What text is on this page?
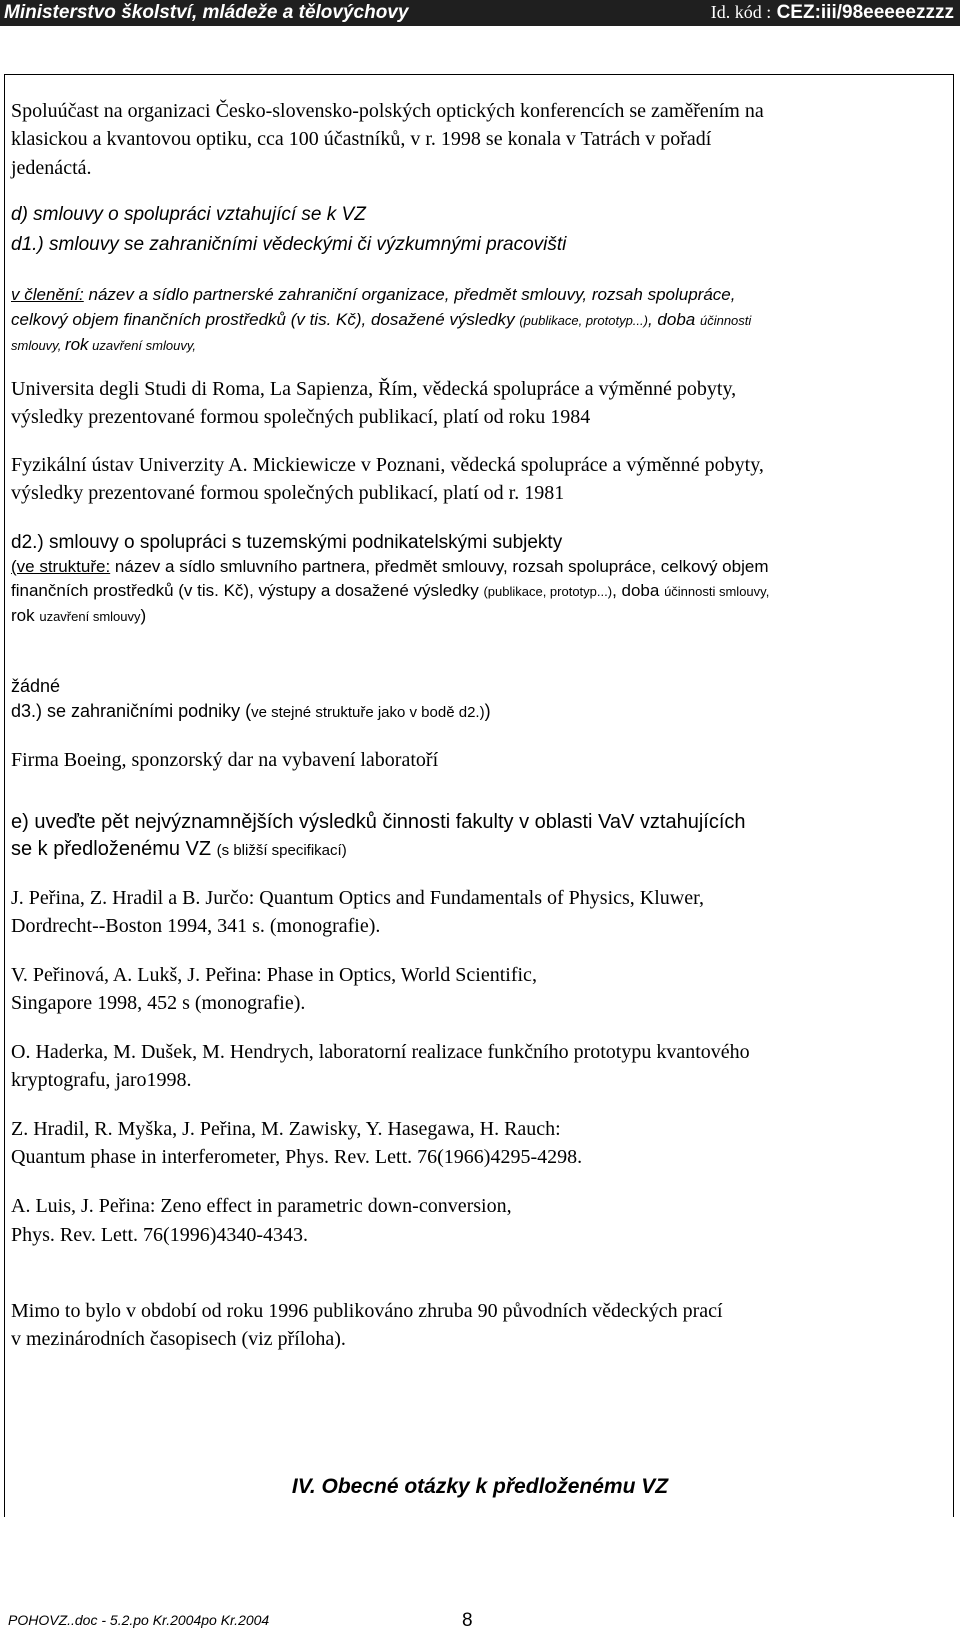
Ministerstvo školství, mládeže a tělovýchovy	Id. kód : CEZ:iii/98eeeeezzzz
Spoluúčast na organizaci Česko-slovensko-polských optických konferencích se zaměřením na
klasickou a kvantovou optiku, cca 100 účastníků, v r. 1998 se konala v Tatrách v pořadí
jedenáctá.
d) smlouvy o spolupráci vztahující se k VZ
d1.) smlouvy se zahraničními vědeckými či výzkumnými pracovišti
v členění: název a sídlo partnerské zahraniční organizace, předmět smlouvy, rozsah spolupráce,
celkový objem finančních prostředků (v tis. Kč), dosažené výsledky (publikace, prototyp...), doba účinnosti
smlouvy, rok uzavření smlouvy,
Universita degli Studi di Roma, La Sapienza, Řím, vědecká spolupráce a výměnné pobyty,
výsledky prezentované formou společných publikací, platí od roku 1984
Fyzikální ústav Univerzity A. Mickiewicze v Poznani, vědecká spolupráce a výměnné pobyty,
výsledky prezentované formou společných publikací, platí od r. 1981
d2.) smlouvy o spolupráci s tuzemskými podnikatelskými subjekty
(ve struktuře: název a sídlo smluvního partnera, předmět smlouvy, rozsah spolupráce, celkový objem
finančních prostředků (v tis. Kč), výstupy a dosažené výsledky (publikace, prototyp...), doba účinnosti smlouvy,
rok uzavření smlouvy)
žádné
d3.) se zahraničními podniky (ve stejné struktuře jako v bodě d2.))
Firma Boeing, sponzorský dar na vybavení laboratoří
e) uveďte pět nejvýznamnějších výsledků činnosti fakulty v oblasti VaV vztahujících
se k předloženému VZ (s bližší specifikací)
J. Peřina, Z. Hradil a B. Jurčo: Quantum Optics and Fundamentals of Physics, Kluwer,
Dordrecht--Boston 1994, 341 s. (monografie).
V. Peřinová, A. Lukš, J. Peřina: Phase in Optics, World Scientific,
Singapore 1998, 452 s (monografie).
O. Haderka, M. Dušek, M. Hendrych, laboratorní realizace funkčního prototypu kvantového
kryptografu, jaro1998.
Z. Hradil, R. Myška, J. Peřina, M. Zawisky, Y. Hasegawa, H. Rauch:
Quantum phase in interferometer, Phys. Rev. Lett. 76(1966)4295-4298.
A. Luis, J. Peřina: Zeno effect in parametric down-conversion,
Phys. Rev. Lett. 76(1996)4340-4343.
Mimo to bylo v období od roku 1996 publikováno zhruba 90 původních vědeckých prací
v mezinárodních časopisech (viz příloha).
IV. Obecné otázky k předloženému VZ
POHOVZ..doc - 5.2.po Kr.2004po Kr.2004	8
